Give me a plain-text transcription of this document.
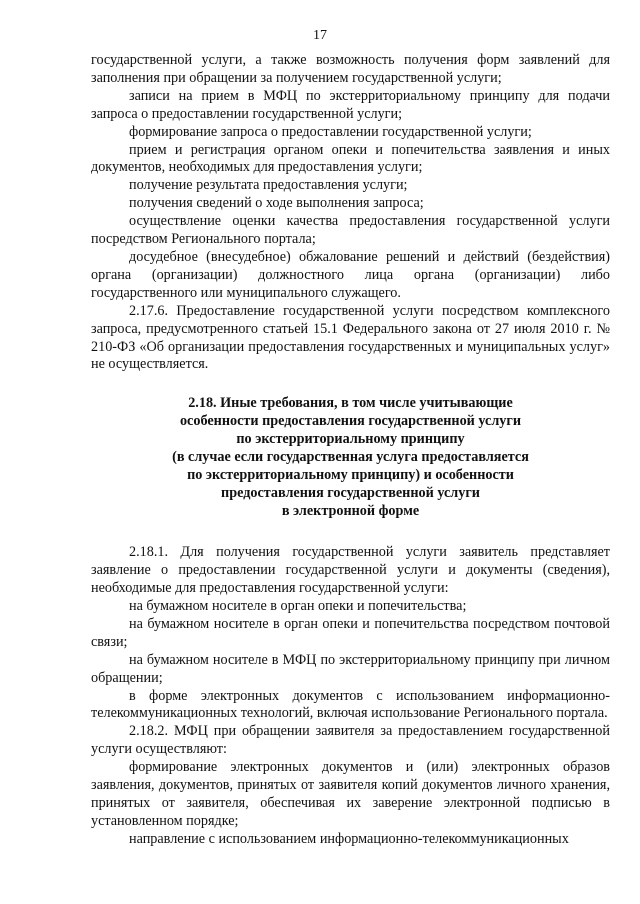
17

государственной услуги, а также возможность получения форм заявлений для заполнения при обращении за получением государственной услуги;

записи на прием в МФЦ по экстерриториальному принципу для подачи запроса о предоставлении государственной услуги;

формирование запроса о предоставлении государственной услуги;

прием и регистрация органом опеки и попечительства заявления и иных документов, необходимых для предоставления услуги;

получение результата предоставления услуги;

получения сведений о ходе выполнения запроса;

осуществление оценки качества предоставления государственной услуги посредством Регионального портала;

досудебное (внесудебное) обжалование решений и действий (бездействия) органа (организации) должностного лица органа (организации) либо государственного или муниципального служащего.

2.17.6. Предоставление государственной услуги посредством комплексного запроса, предусмотренного статьей 15.1 Федерального закона от 27 июля 2010 г. № 210-ФЗ «Об организации предоставления государственных и муниципальных услуг» не осуществляется.

2.18. Иные требования, в том числе учитывающие
особенности предоставления государственной услуги
по экстерриториальному принципу
(в случае если государственная услуга предоставляется
по экстерриториальному принципу) и особенности
предоставления государственной услуги
в электронной форме

2.18.1. Для получения государственной услуги заявитель представляет заявление о предоставлении государственной услуги и документы (сведения), необходимые для предоставления государственной услуги:

на бумажном носителе в орган опеки и попечительства;

на бумажном носителе в орган опеки и попечительства посредством почтовой связи;

на бумажном носителе в МФЦ по экстерриториальному принципу при личном обращении;

в форме электронных документов с использованием информационно-телекоммуникационных технологий, включая использование Регионального портала.

2.18.2. МФЦ при обращении заявителя за предоставлением государственной услуги осуществляют:

формирование электронных документов и (или) электронных образов заявления, документов, принятых от заявителя копий документов личного хранения, принятых от заявителя, обеспечивая их заверение электронной подписью в установленном порядке;

направление с использованием информационно-телекоммуникационных
